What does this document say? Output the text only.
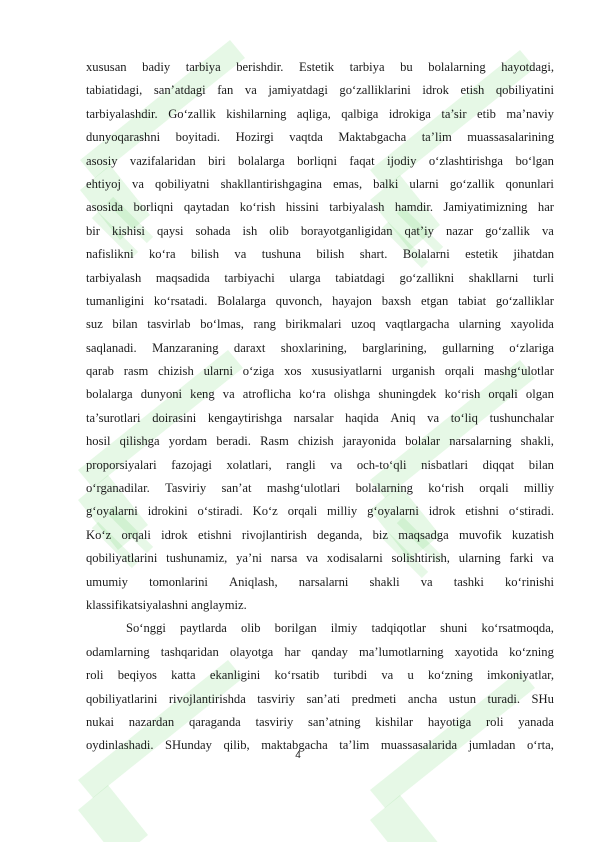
xususan badiy tarbiya berishdir. Estetik tarbiya bu bolalarning hayotdagi,
tabiatidagi, san’atdagi fan va jamiyatdagi go‘zalliklarini idrok etish qobiliyatini
tarbiyalashdir. Go‘zallik kishilarning aqliga, qalbiga idrokiga ta’sir etib ma’naviy
dunyoqarashni boyitadi. Hozirgi vaqtda Maktabgacha ta’lim muassasalarining
asosiy vazifalaridan biri bolalarga borliqni faqat ijodiy o‘zlashtirishga bo‘lgan
ehtiyoj va qobiliyatni shakllantirishgagina emas, balki ularni go‘zallik qonunlari
asosida borliqni qaytadan ko‘rish hissini tarbiyalash hamdir. Jamiyatimizning har
bir kishisi qaysi sohada ish olib borayotganligidan qat’iy nazar go‘zallik va
nafislikni ko‘ra bilish va tushuna bilish shart. Bolalarni estetik jihatdan
tarbiyalash maqsadida tarbiyachi ularga tabiatdagi go‘zallikni shakllarni turli
tumanligini ko‘rsatadi. Bolalarga quvonch, hayajon baxsh etgan tabiat go‘zalliklar
suz bilan tasvirlab bo‘lmas, rang birikmalari uzoq vaqtlargacha ularning xayolida
saqlanadi. Manzaraning daraxt shoxlarining, barglarining, gullarning o‘zlariga
qarab rasm chizish ularni o‘ziga xos xususiyatlarni urganish orqali mashg‘ulotlar
bolalarga dunyoni keng va atroflicha ko‘ra olishga shuningdek ko‘rish orqali olgan
ta’surotlari doirasini kengaytirishga narsalar haqida Aniq va to‘liq tushunchalar
hosil qilishga yordam beradi. Rasm chizish jarayonida bolalar narsalarning shakli,
proporsiyalari fazojagi xolatlari, rangli va och-to‘qli nisbatlari diqqat bilan
o‘rganadilar. Tasviriy san’at mashg‘ulotlari bolalarning ko‘rish orqali milliy
g‘oyalarni idrokini o‘stiradi. Ko‘z orqali milliy g‘oyalarni idrok etishni o‘stiradi.
Ko‘z orqali idrok etishni rivojlantirish deganda, biz maqsadga muvofik kuzatish
qobiliyatlarini tushunamiz, ya’ni narsa va xodisalarni solishtirish, ularning farki va
umumiy tomonlarini Aniqlash, narsalarni shakli va tashki ko‘rinishi
klassifikatsiyalashni anglaymiz.
So‘nggi paytlarda olib borilgan ilmiy tadqiqotlar shuni ko‘rsatmoqda,
odamlarning tashqaridan olayotga har qanday ma’lumotlarning xayotida ko‘zning
roli beqiyos katta ekanligini ko‘rsatib turibdi va u ko‘zning imkoniyatlar,
qobiliyatlarini rivojlantirishda tasviriy san’ati predmeti ancha ustun turadi. SHu
nukai nazardan qaraganda tasviriy san’atning kishilar hayotiga roli yanada
oydinlashadi. SHunday qilib, maktabgacha ta’lim muassasalarida jumladan o‘rta,
4
